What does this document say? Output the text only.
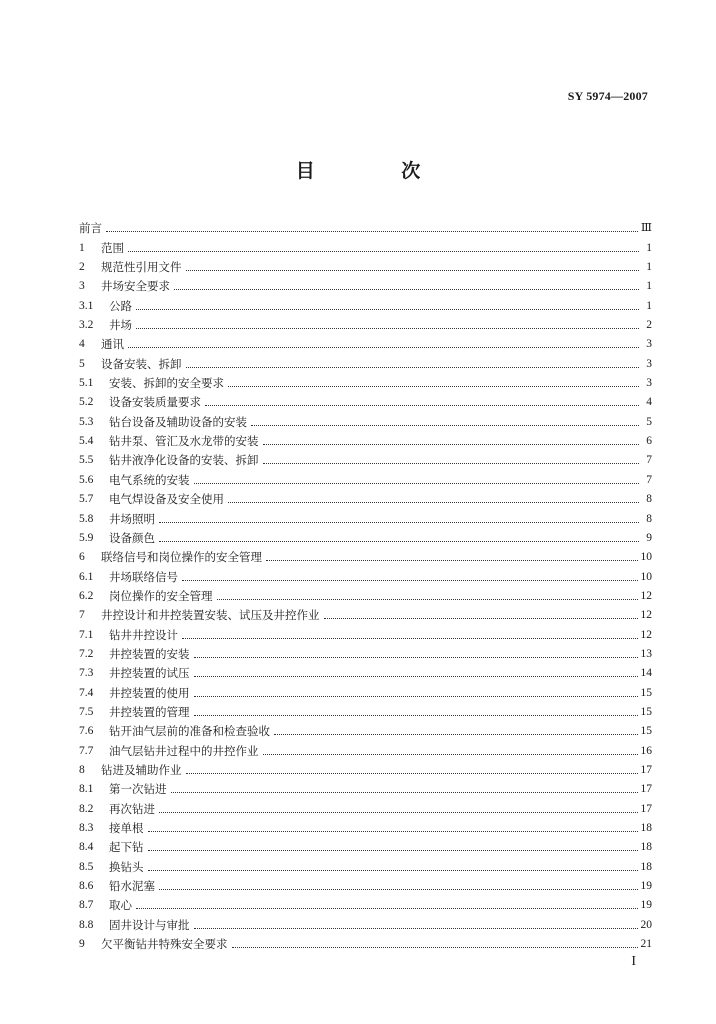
SY 5974—2007
目 次
前言	Ⅲ
1	范围	1
2	规范性引用文件	1
3	井场安全要求	1
3.1	公路	1
3.2	井场	2
4	通讯	3
5	设备安装、拆卸	3
5.1	安装、拆卸的安全要求	3
5.2	设备安装质量要求	4
5.3	钻台设备及辅助设备的安装	5
5.4	钻井泵、管汇及水龙带的安装	6
5.5	钻井液净化设备的安装、拆卸	7
5.6	电气系统的安装	7
5.7	电气焊设备及安全使用	8
5.8	井场照明	8
5.9	设备颜色	9
6	联络信号和岗位操作的安全管理	10
6.1	井场联络信号	10
6.2	岗位操作的安全管理	12
7	井控设计和井控装置安装、试压及井控作业	12
7.1	钻井井控设计	12
7.2	井控装置的安装	13
7.3	井控装置的试压	14
7.4	井控装置的使用	15
7.5	井控装置的管理	15
7.6	钻开油气层前的准备和检查验收	15
7.7	油气层钻井过程中的井控作业	16
8	钻进及辅助作业	17
8.1	第一次钻进	17
8.2	再次钻进	17
8.3	接单根	18
8.4	起下钻	18
8.5	换钻头	18
8.6	铅水泥塞	19
8.7	取心	19
8.8	固井设计与审批	20
9	欠平衡钻井特殊安全要求	21
I
